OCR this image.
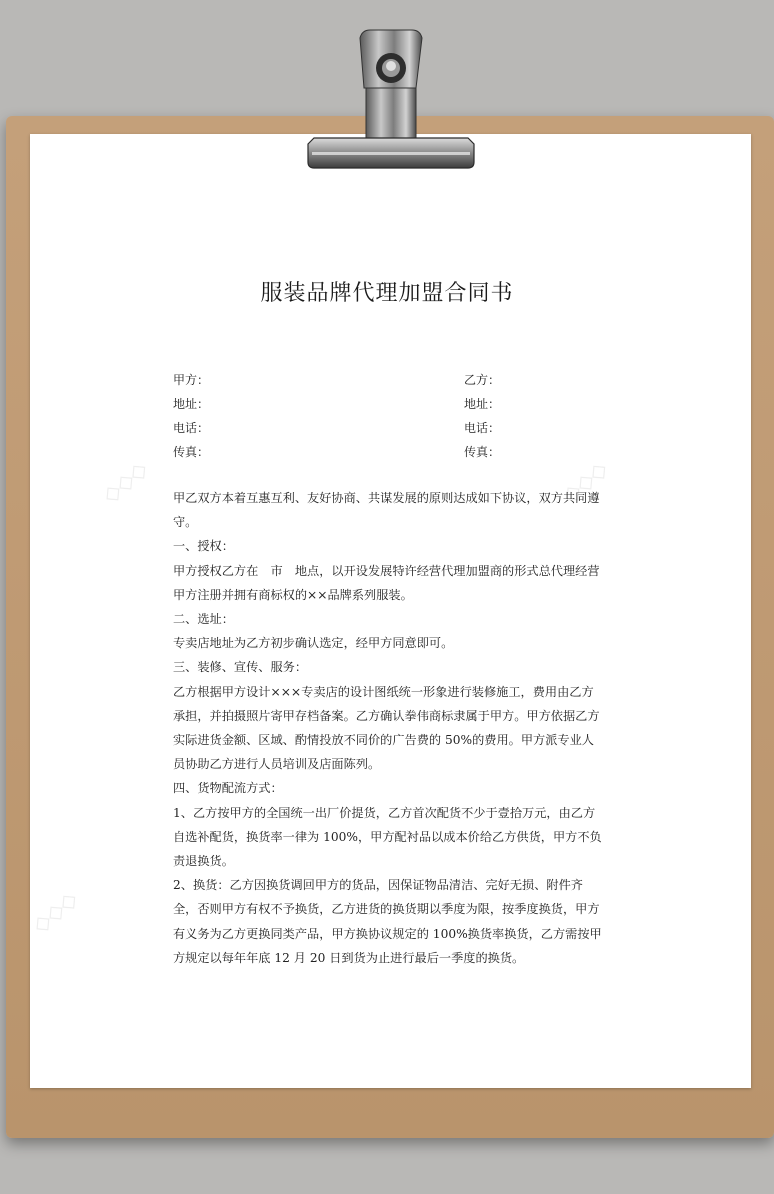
◇◇◇	◇◇◇
◇◇◇
服装品牌代理加盟合同书
甲方：
地址：
电话：
传真：
乙方：
地址：
电话：
传真：

甲乙双方本着互惠互利、友好协商、共谋发展的原则达成如下协议，双方共同遵守。

一、授权：

甲方授权乙方在　市　地点，以开设发展特许经营代理加盟商的形式总代理经营甲方注册并拥有商标权的××品牌系列服装。

二、选址：

专卖店地址为乙方初步确认选定，经甲方同意即可。

三、装修、宣传、服务：

乙方根据甲方设计×××专卖店的设计图纸统一形象进行装修施工，费用由乙方承担，并拍摄照片寄甲存档备案。乙方确认拳伟商标隶属于甲方。甲方依据乙方实际进货金额、区域、酌情投放不同价的广告费的 50%的费用。甲方派专业人员协助乙方进行人员培训及店面陈列。

四、货物配流方式：

1、乙方按甲方的全国统一出厂价提货，乙方首次配货不少于壹拾万元，由乙方自选补配货，换货率一律为 100%，甲方配衬品以成本价给乙方供货，甲方不负责退换货。

2、换货：乙方因换货调回甲方的货品，因保证物品清洁、完好无损、附件齐全，否则甲方有权不予换货，乙方进货的换货期以季度为限，按季度换货，甲方有义务为乙方更换同类产品，甲方换协议规定的 100%换货率换货，乙方需按甲方规定以每年年底 12 月 20 日到货为止进行最后一季度的换货。
